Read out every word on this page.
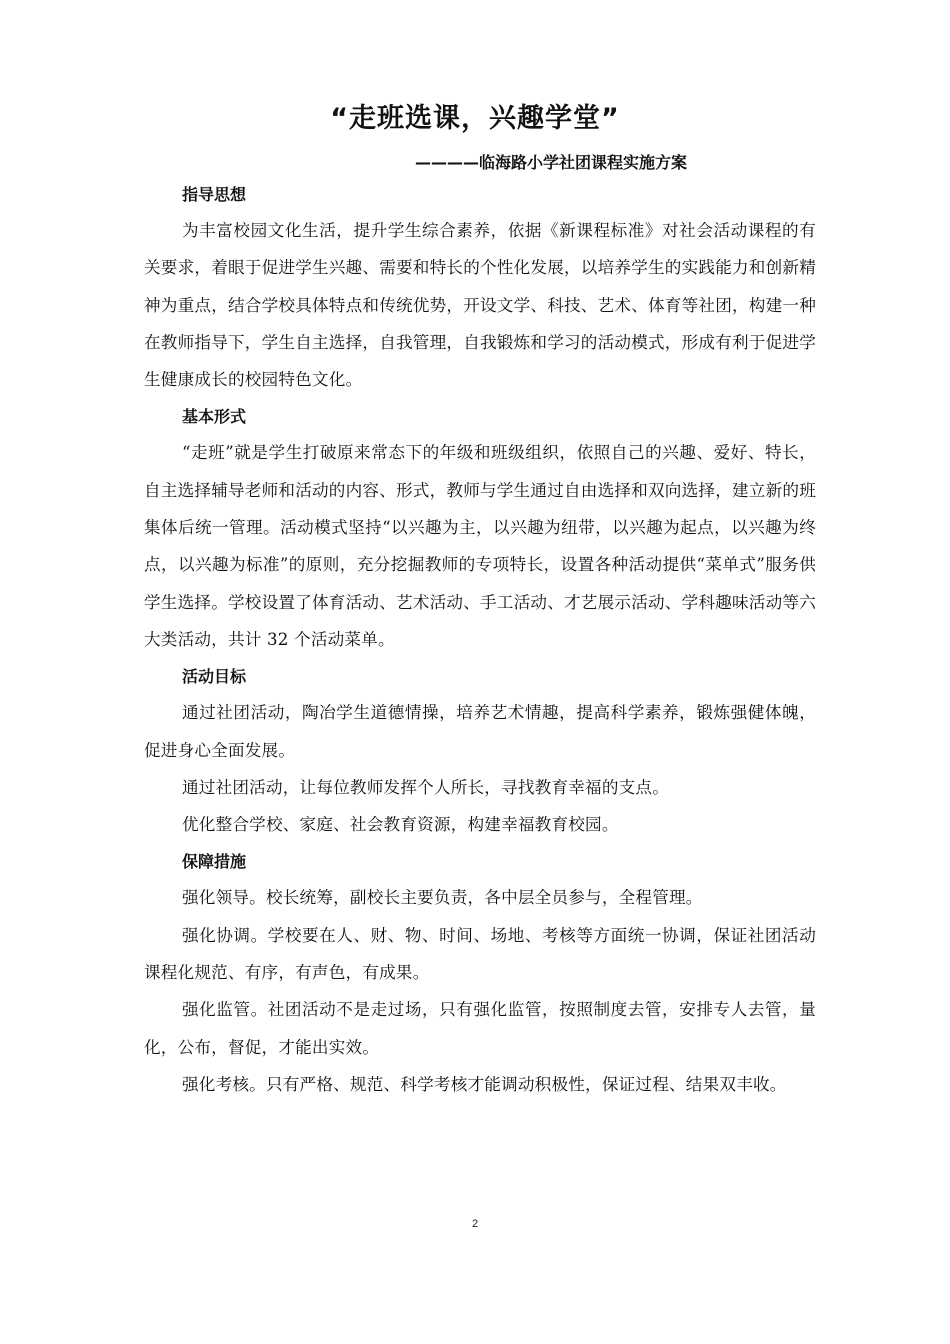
“走班选课，兴趣学堂”
————临海路小学社团课程实施方案
指导思想

为丰富校园文化生活，提升学生综合素养，依据《新课程标准》对社会活动课程的有关要求，着眼于促进学生兴趣、需要和特长的个性化发展，以培养学生的实践能力和创新精神为重点，结合学校具体特点和传统优势，开设文学、科技、艺术、体育等社团，构建一种在教师指导下，学生自主选择，自我管理，自我锻炼和学习的活动模式，形成有利于促进学生健康成长的校园特色文化。

基本形式

“走班”就是学生打破原来常态下的年级和班级组织，依照自己的兴趣、爱好、特长，自主选择辅导老师和活动的内容、形式，教师与学生通过自由选择和双向选择，建立新的班集体后统一管理。活动模式坚持“以兴趣为主，以兴趣为纽带，以兴趣为起点，以兴趣为终点，以兴趣为标准”的原则，充分挖掘教师的专项特长，设置各种活动提供“菜单式”服务供学生选择。学校设置了体育活动、艺术活动、手工活动、才艺展示活动、学科趣味活动等六大类活动，共计 32 个活动菜单。

活动目标

通过社团活动，陶冶学生道德情操，培养艺术情趣，提高科学素养，锻炼强健体魄，促进身心全面发展。

通过社团活动，让每位教师发挥个人所长，寻找教育幸福的支点。

优化整合学校、家庭、社会教育资源，构建幸福教育校园。

保障措施

强化领导。校长统筹，副校长主要负责，各中层全员参与，全程管理。

强化协调。学校要在人、财、物、时间、场地、考核等方面统一协调，保证社团活动课程化规范、有序，有声色，有成果。

强化监管。社团活动不是走过场，只有强化监管，按照制度去管，安排专人去管，量化，公布，督促，才能出实效。

强化考核。只有严格、规范、科学考核才能调动积极性，保证过程、结果双丰收。

2
